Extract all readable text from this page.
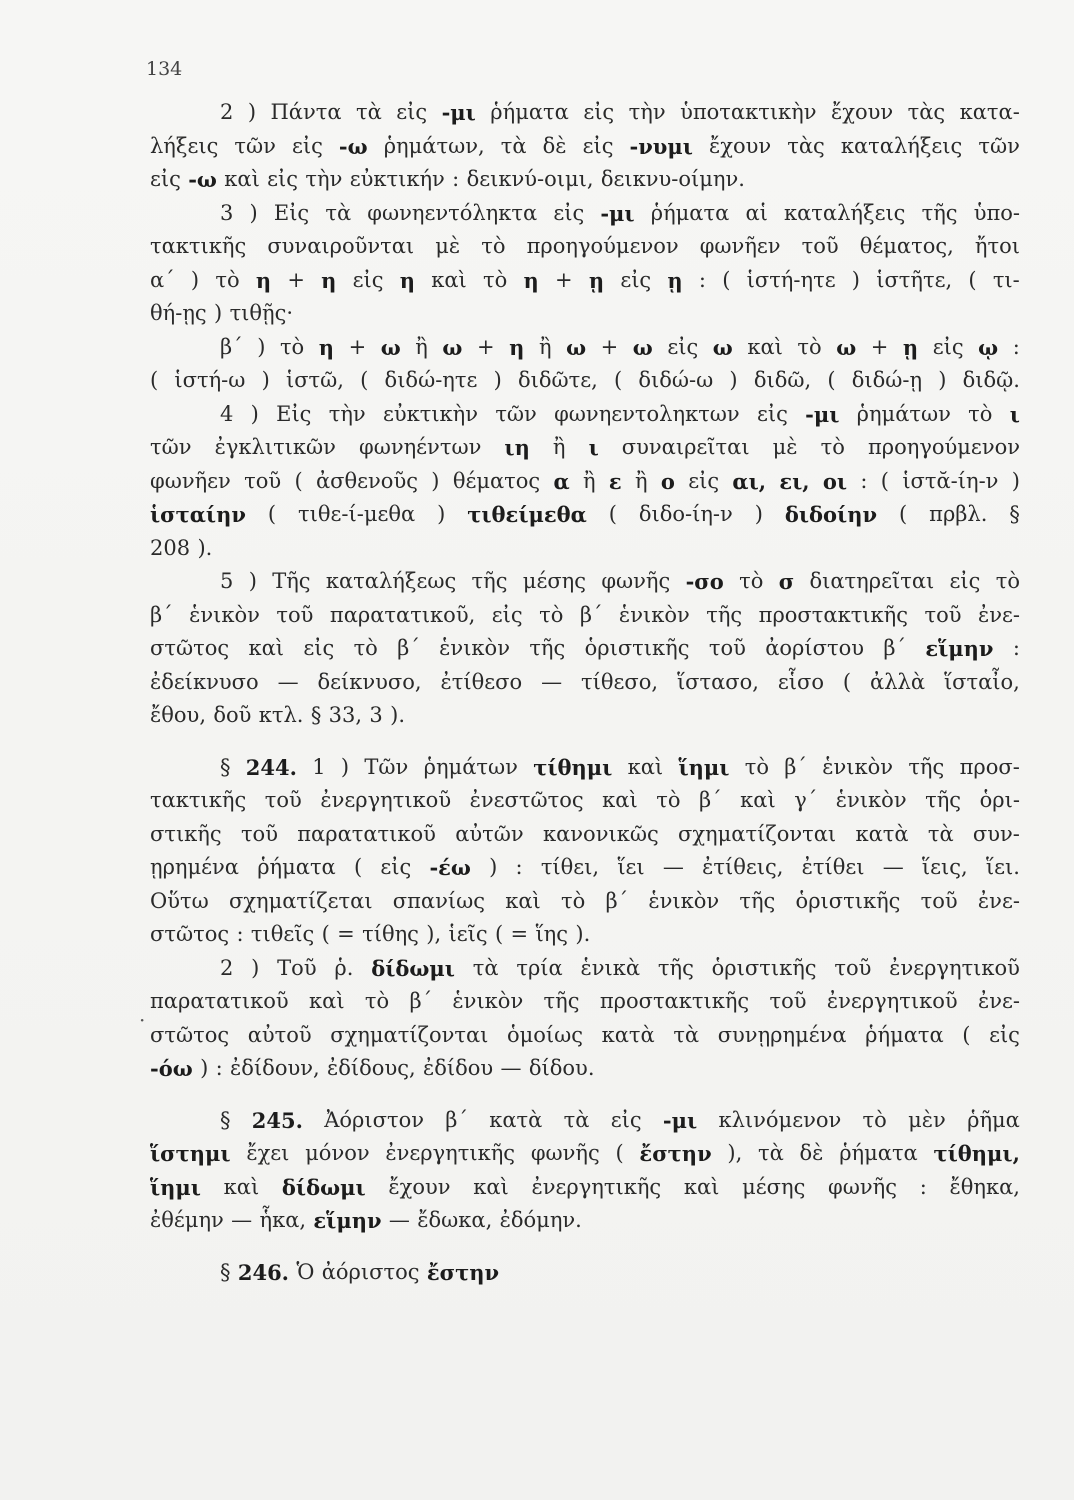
134
·
2 ) Πάντα τὰ εἰς -μι ῥήματα εἰς τὴν ὑποτακτικὴν ἔχουν τὰς κατα-
λήξεις τῶν εἰς -ω ῥημάτων, τὰ δὲ εἰς -νυμι ἔχουν τὰς καταλήξεις τῶν
εἰς -ω καὶ εἰς τὴν εὐκτικήν : δεικνύ-οιμι, δεικνυ-οίμην.
3 ) Εἰς τὰ φωνηεντόληκτα εἰς -μι ῥήματα αἱ καταλήξεις τῆς ὑπο-
τακτικῆς συναιροῦνται μὲ τὸ προηγούμενον φωνῆεν τοῦ θέματος, ἤτοι
α΄ ) τὸ η + η εἰς η καὶ τὸ η + ῃ εἰς ῃ : ( ἱστή-ητε ) ἱστῆτε, ( τι-
θή-ῃς ) τιθῇς·
β΄ ) τὸ η + ω ἢ ω + η ἢ ω + ω εἰς ω καὶ τὸ ω + ῃ εἰς ῳ :
( ἱστή-ω ) ἱστῶ, ( διδώ-ητε ) διδῶτε, ( διδώ-ω ) διδῶ, ( διδώ-ῃ ) διδῷ.
4 ) Εἰς τὴν εὐκτικὴν τῶν φωνηεντοληκτων εἰς -μι ῥημάτων τὸ ι
τῶν ἐγκλιτικῶν φωνηέντων ιη ἢ ι συναιρεῖται μὲ τὸ προηγούμενον
φωνῆεν τοῦ ( ἀσθενοῦς ) θέματος α ἢ ε ἢ ο εἰς αι, ει, οι : ( ἱστᾰ-ίη-ν )
ἱσταίην ( τιθε-ί-μεθα ) τιθείμεθα ( διδο-ίη-ν ) διδοίην ( πρβλ. §
208 ).
5 ) Τῆς καταλήξεως τῆς μέσης φωνῆς -σο τὸ σ διατηρεῖται εἰς τὸ
β΄ ἑνικὸν τοῦ παρατατικοῦ, εἰς τὸ β΄ ἑνικὸν τῆς προστακτικῆς τοῦ ἐνε-
στῶτος καὶ εἰς τὸ β΄ ἑνικὸν τῆς ὁριστικῆς τοῦ ἀορίστου β΄ εἵμην :
ἐδείκνυσο — δείκνυσο, ἐτίθεσο — τίθεσο, ἵστασο, εἷσο ( ἀλλὰ ἵσταἶο,
ἔθου, δοῦ κτλ. § 33, 3 ).
§ 244. 1 ) Τῶν ῥημάτων τίθημι καὶ ἵημι τὸ β΄ ἑνικὸν τῆς προσ-
τακτικῆς τοῦ ἐνεργητικοῦ ἐνεστῶτος καὶ τὸ β΄ καὶ γ΄ ἑνικὸν τῆς ὁρι-
στικῆς τοῦ παρατατικοῦ αὐτῶν κανονικῶς σχηματίζονται κατὰ τὰ συν-
ῃρημένα ῥήματα ( εἰς -έω ) : τίθει, ἵει — ἐτίθεις, ἐτίθει — ἵεις, ἵει.
Οὕτω σχηματίζεται σπανίως καὶ τὸ β΄ ἑνικὸν τῆς ὁριστικῆς τοῦ ἐνε-
στῶτος : τιθεῖς ( = τίθης ), ἱεῖς ( = ἵης ).
2 ) Τοῦ ῥ. δίδωμι τὰ τρία ἑνικὰ τῆς ὁριστικῆς τοῦ ἐνεργητικοῦ
παρατατικοῦ καὶ τὸ β΄ ἑνικὸν τῆς προστακτικῆς τοῦ ἐνεργητικοῦ ἐνε-
στῶτος αὐτοῦ σχηματίζονται ὁμοίως κατὰ τὰ συνῃρημένα ῥήματα ( εἰς
-όω ) : ἐδίδουν, ἐδίδους, ἐδίδου — δίδου.
§ 245. Ἀόριστον β΄ κατὰ τὰ εἰς -μι κλινόμενον τὸ μὲν ῥῆμα
ἵστημι ἔχει μόνον ἐνεργητικῆς φωνῆς ( ἔστην ), τὰ δὲ ῥήματα τίθημι,
ἵημι καὶ δίδωμι ἔχουν καὶ ἐνεργητικῆς καὶ μέσης φωνῆς : ἔθηκα,
ἐθέμην — ἧκα, εἵμην — ἔδωκα, ἐδόμην.
§ 246. Ὁ ἀόριστος ἔστην
